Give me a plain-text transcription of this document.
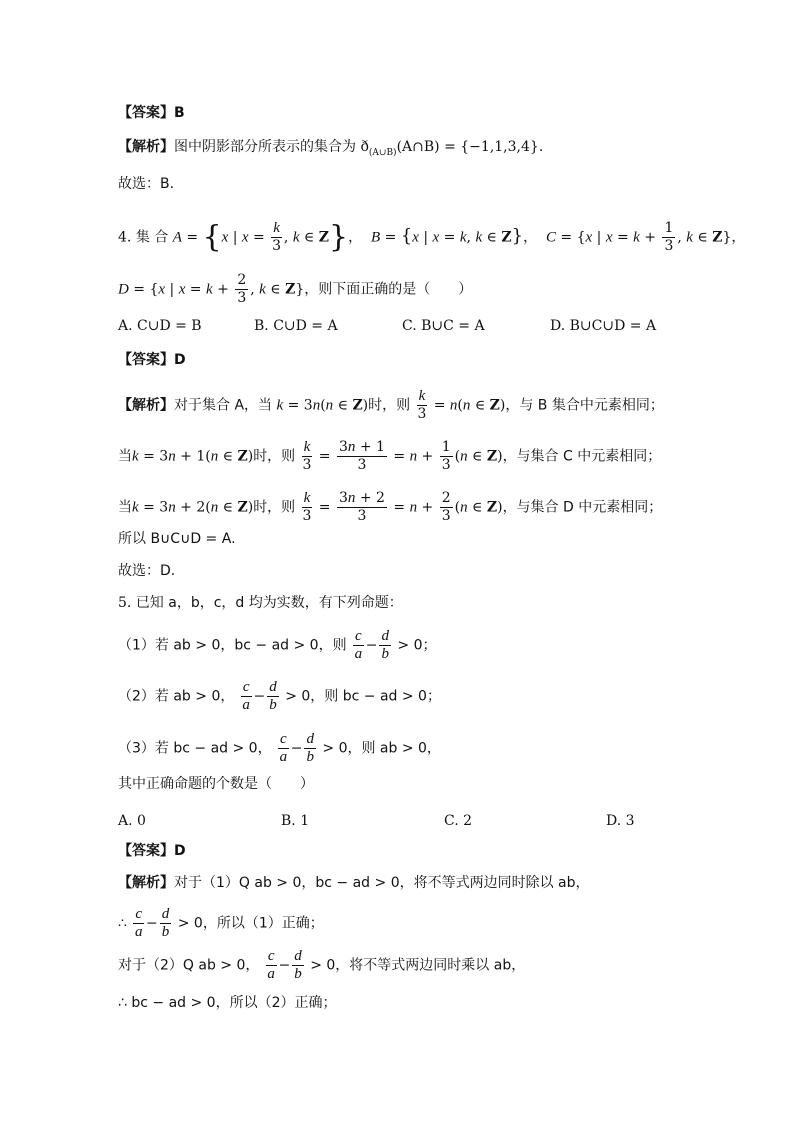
【答案】B
【解析】图中阴影部分所表示的集合为 $ð_{(A\cup B)}(A\cap B) = \{-1,1,3,4\}$.
故选：B.
4. 集 合 A = {x | $x = \frac{k}{3}$ , k ∈ Z}，  B = {x | x = k, k ∈ Z}，  C = {x | $x = k + \frac{1}{3}$ , k ∈ Z}，
D = {x | $x = k + \frac{2}{3}$ , k ∈ Z}，则下面正确的是（　　）
A. C∪D = B	B. C∪D = A	C. B∪C = A	D. B∪C∪D = A
【答案】D
【解析】对于集合 A，当 k = 3n(n ∈ Z)时，则 $\frac{k}{3} = n(n$ ∈ Z)，与 B 集合中元素相同；
当k = 3n + 1(n ∈ Z)时，则 $\frac{k}{3} = \frac{3n + 1}{3} = n + \frac{1}{3} (n$ ∈ Z)，与集合 C 中元素相同；
当k = 3n + 2(n ∈ Z)时，则 $\frac{k}{3} = \frac{3n + 2}{3} = n + \frac{2}{3} (n$ ∈ Z)，与集合 D 中元素相同；
所以 B∪C∪D = A.
故选：D.
5. 已知 a，b，c，d 均为实数，有下列命题：
（1）若 ab > 0，bc − ad > 0，则 $\frac{c}{a} - \frac{d}{b} > 0$；
（2）若 ab > 0， $\frac{c}{a} - \frac{d}{b} > 0$，则 bc − ad > 0；
（3）若 bc − ad > 0， $\frac{c}{a} - \frac{d}{b} > 0$，则 ab > 0，
其中正确命题的个数是（　　）
A. 0	B. 1	C. 2	D. 3
【答案】D
【解析】对于（1）Q ab > 0，bc − ad > 0，将不等式两边同时除以 ab，
∴ $\frac{c}{a} - \frac{d}{b} > 0$，所以（1）正确；
对于（2）Q ab > 0， $\frac{c}{a} - \frac{d}{b} > 0$，将不等式两边同时乘以 ab，
∴ bc − ad > 0，所以（2）正确；
